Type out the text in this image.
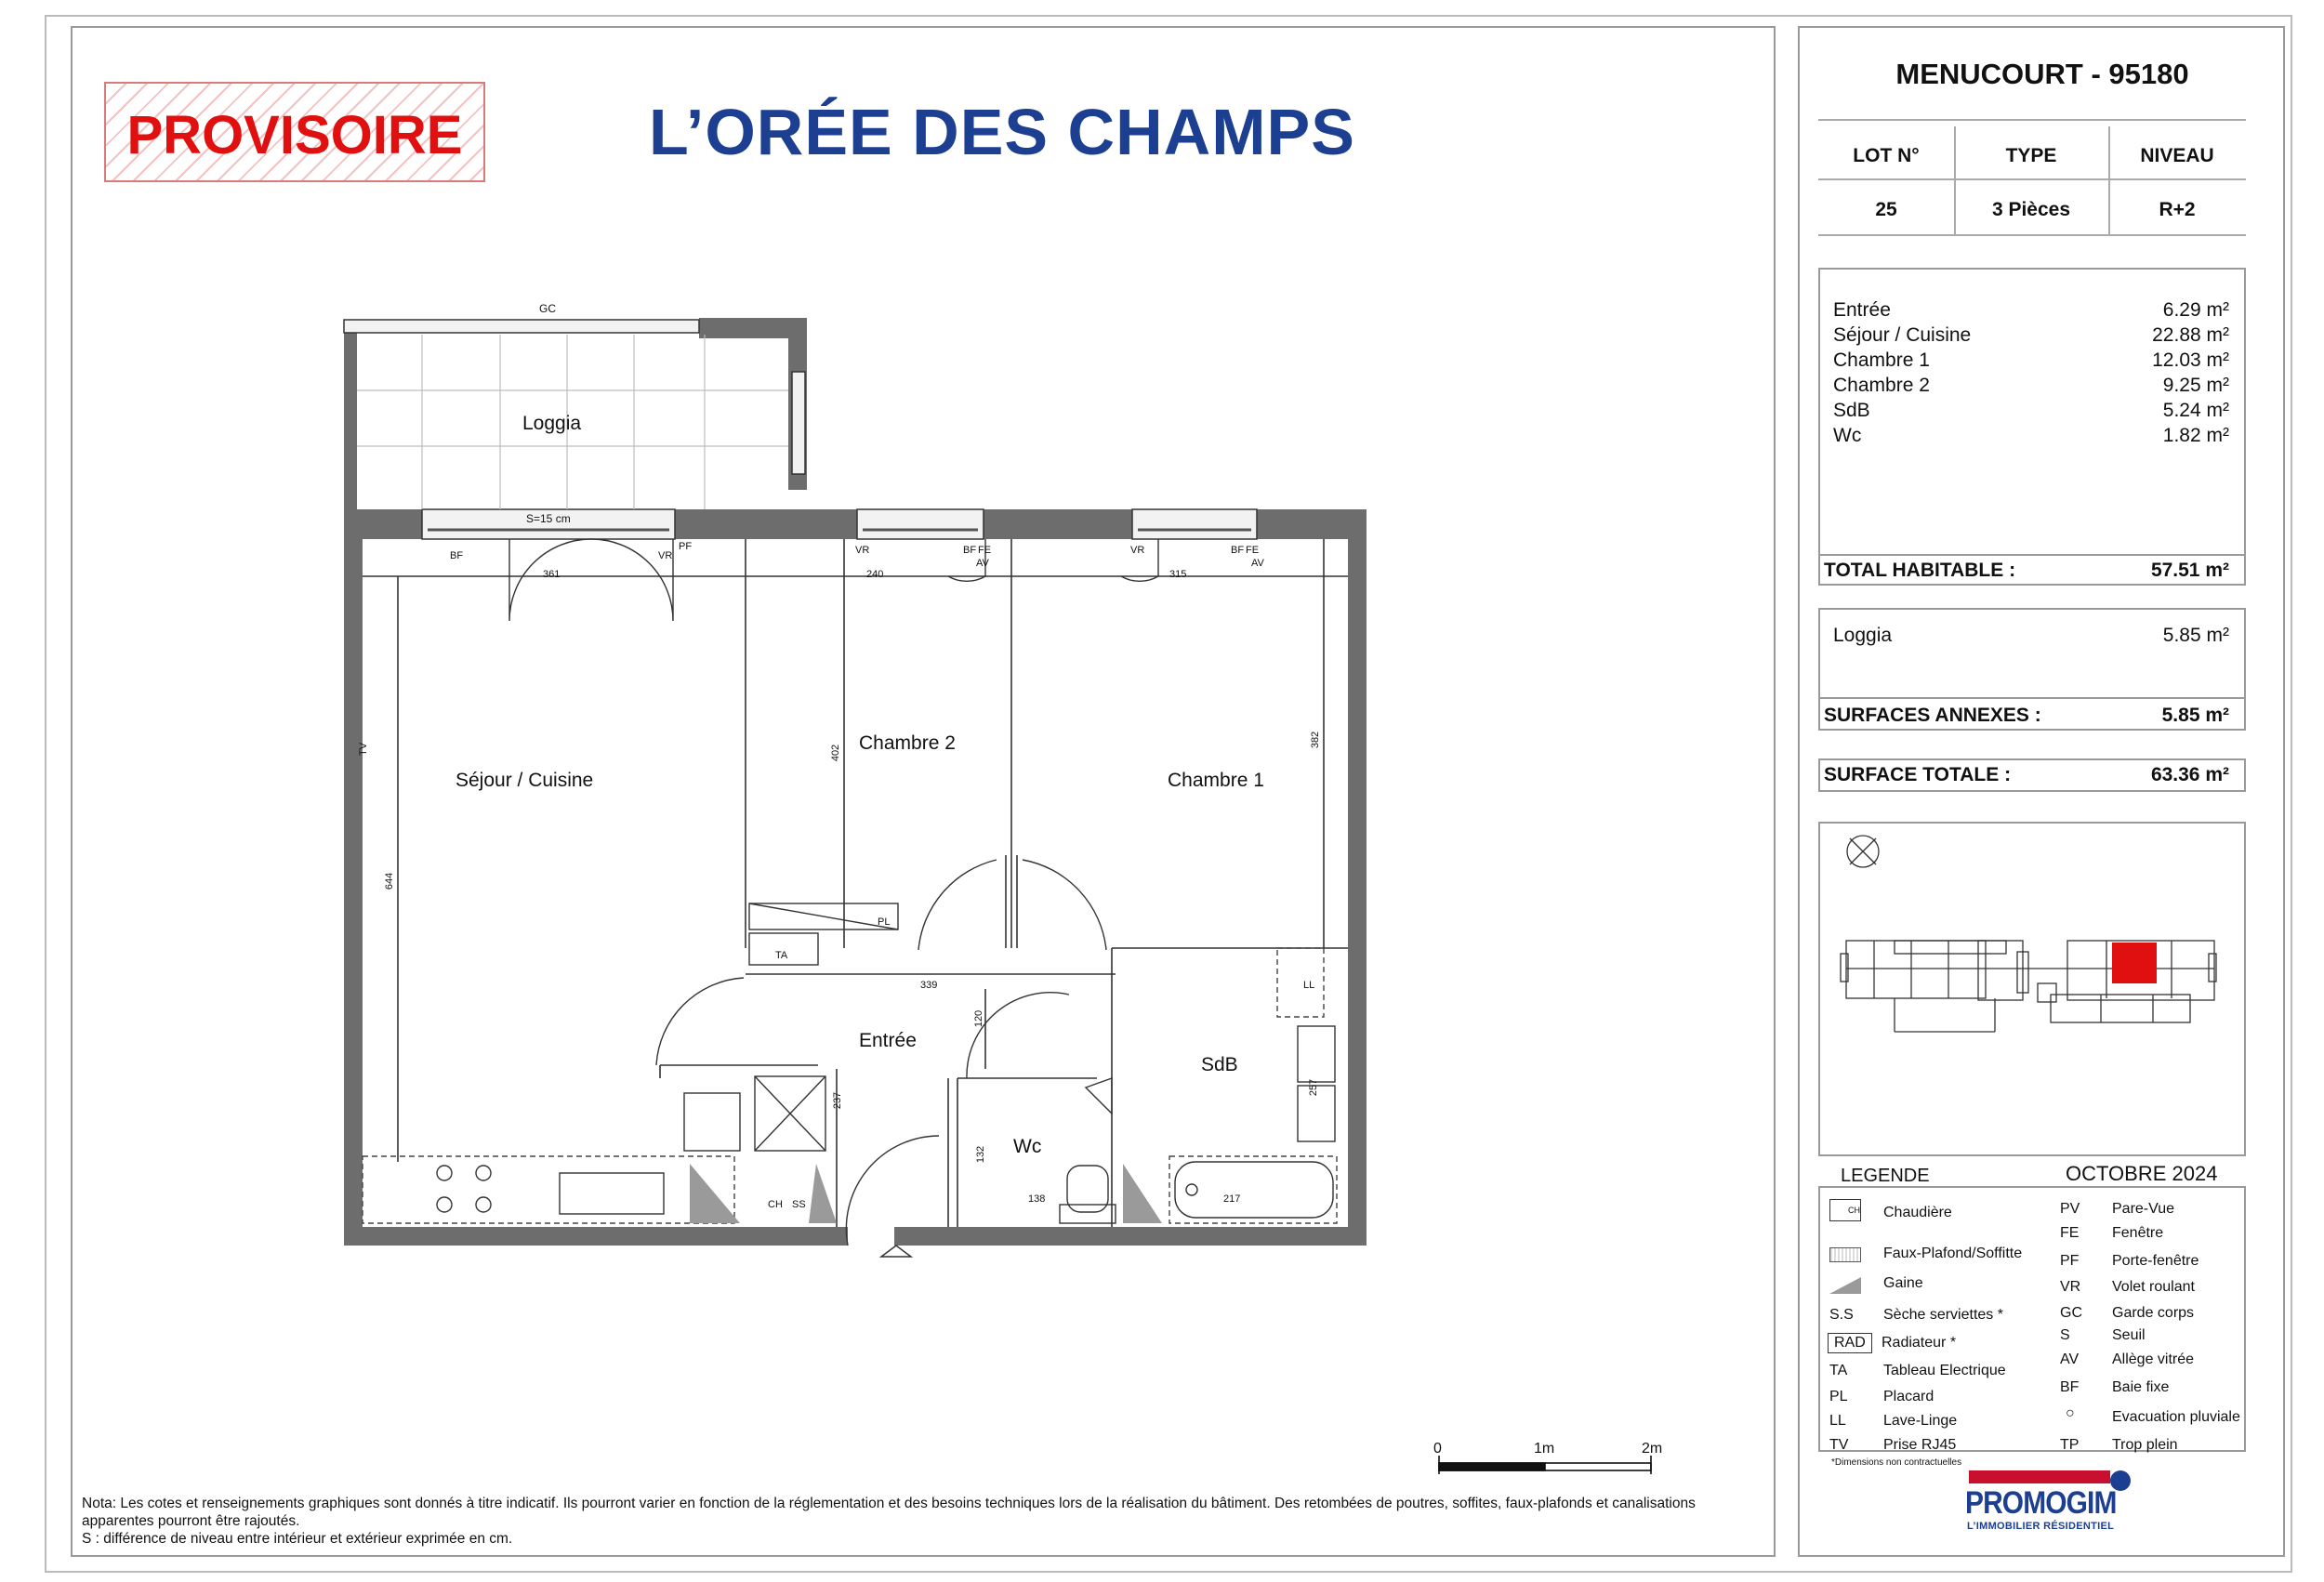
PROVISOIRE	L’ORÉE DES CHAMPS
Loggia
Séjour / Cuisine
Chambre 2
Chambre 1
Entrée
SdB
Wc
GC
S=15 cm
BF	VR
PF	VR	BF FE
AV
VR	BF FE
AV
TV
PL
TA
LL
CH SS
361	240	315
402
382
644
339
120
237
132
138	217
257
0	1m	2m
Nota: Les cotes et renseignements graphiques sont donnés à titre indicatif. Ils pourront varier en fonction de la réglementation et des besoins techniques lors de la réalisation du bâtiment. Des retombées de poutres, soffites, faux-plafonds et canalisations apparentes pourront être rajoutés.
S : différence de niveau entre intérieur et extérieur exprimée en cm.
MENUCOURT - 95180
LOT N°	TYPE	NIVEAU
25	3 Pièces	R+2
Entrée	6.29 m²
Séjour / Cuisine	22.88 m²
Chambre 1	12.03 m²
Chambre 2	9.25 m²
SdB	5.24 m²
Wc	1.82 m²
TOTAL HABITABLE :	57.51 m²
Loggia	5.85 m²
SURFACES ANNEXES :	5.85 m²
SURFACE TOTALE :	63.36 m²
LEGENDE	OCTOBRE 2024
CH Chaudière
Faux-Plafond/Soffitte
Gaine
S.S Sèche serviettes *
RAD	Radiateur *
TA Tableau Electrique
PL Placard
LL	Lave-Linge
TV Prise RJ45
PV Pare-Vue
FE Fenêtre
PF Porte-fenêtre
VR Volet roulant
GC Garde corps
S	Seuil
AV Allège vitrée
BF Baie fixe
○	Evacuation pluviale
TP Trop plein
*Dimensions non contractuelles
PROMOGIM
L’IMMOBILIER RÉSIDENTIEL
